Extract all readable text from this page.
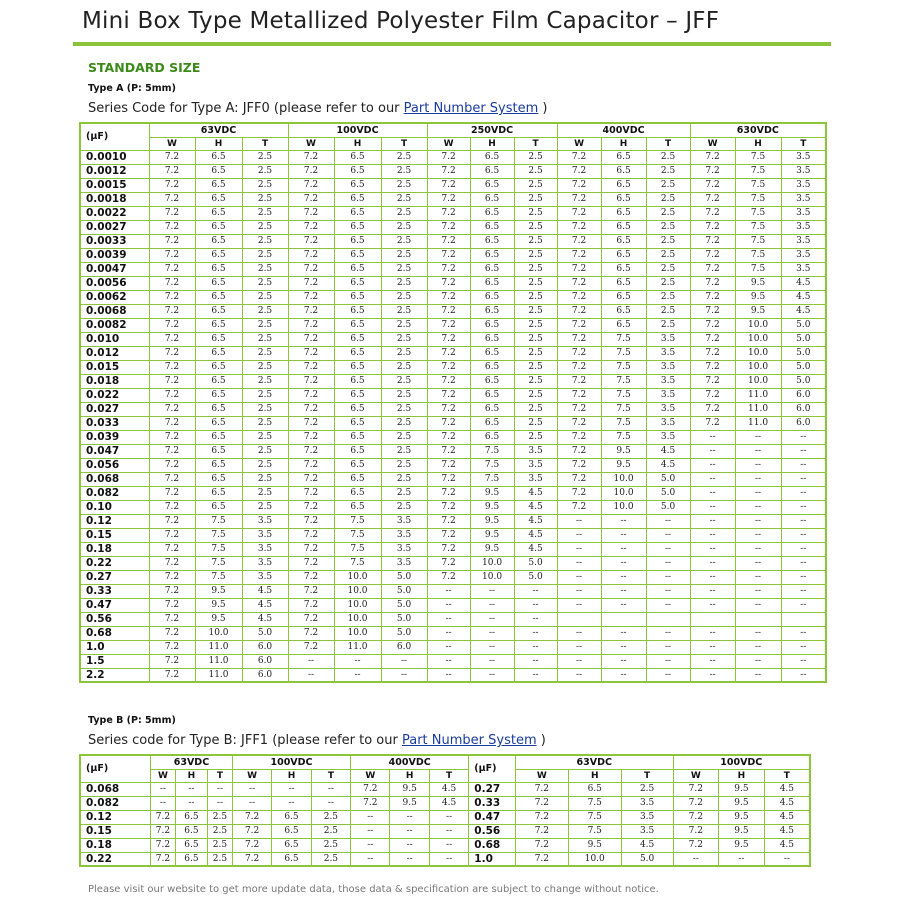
Mini Box Type Metallized Polyester Film Capacitor – JFF
STANDARD SIZE
Type A (P: 5mm)
Series Code for Type A: JFF0 (please refer to our Part Number System )
(μF)	63VDC			100VDC			250VDC			400VDC			630VDC		
	W	H	T	W	H	T	W	H	T	W	H	T	W	H	T
0.0010	7.2	6.5	2.5	7.2	6.5	2.5	7.2	6.5	2.5	7.2	6.5	2.5	7.2	7.5	3.5
0.0012	7.2	6.5	2.5	7.2	6.5	2.5	7.2	6.5	2.5	7.2	6.5	2.5	7.2	7.5	3.5
0.0015	7.2	6.5	2.5	7.2	6.5	2.5	7.2	6.5	2.5	7.2	6.5	2.5	7.2	7.5	3.5
0.0018	7.2	6.5	2.5	7.2	6.5	2.5	7.2	6.5	2.5	7.2	6.5	2.5	7.2	7.5	3.5
0.0022	7.2	6.5	2.5	7.2	6.5	2.5	7.2	6.5	2.5	7.2	6.5	2.5	7.2	7.5	3.5
0.0027	7.2	6.5	2.5	7.2	6.5	2.5	7.2	6.5	2.5	7.2	6.5	2.5	7.2	7.5	3.5
0.0033	7.2	6.5	2.5	7.2	6.5	2.5	7.2	6.5	2.5	7.2	6.5	2.5	7.2	7.5	3.5
0.0039	7.2	6.5	2.5	7.2	6.5	2.5	7.2	6.5	2.5	7.2	6.5	2.5	7.2	7.5	3.5
0.0047	7.2	6.5	2.5	7.2	6.5	2.5	7.2	6.5	2.5	7.2	6.5	2.5	7.2	7.5	3.5
0.0056	7.2	6.5	2.5	7.2	6.5	2.5	7.2	6.5	2.5	7.2	6.5	2.5	7.2	9.5	4.5
0.0062	7.2	6.5	2.5	7.2	6.5	2.5	7.2	6.5	2.5	7.2	6.5	2.5	7.2	9.5	4.5
0.0068	7.2	6.5	2.5	7.2	6.5	2.5	7.2	6.5	2.5	7.2	6.5	2.5	7.2	9.5	4.5
0.0082	7.2	6.5	2.5	7.2	6.5	2.5	7.2	6.5	2.5	7.2	6.5	2.5	7.2	10.0	5.0
0.010	7.2	6.5	2.5	7.2	6.5	2.5	7.2	6.5	2.5	7.2	7.5	3.5	7.2	10.0	5.0
0.012	7.2	6.5	2.5	7.2	6.5	2.5	7.2	6.5	2.5	7.2	7.5	3.5	7.2	10.0	5.0
0.015	7.2	6.5	2.5	7.2	6.5	2.5	7.2	6.5	2.5	7.2	7.5	3.5	7.2	10.0	5.0
0.018	7.2	6.5	2.5	7.2	6.5	2.5	7.2	6.5	2.5	7.2	7.5	3.5	7.2	10.0	5.0
0.022	7.2	6.5	2.5	7.2	6.5	2.5	7.2	6.5	2.5	7.2	7.5	3.5	7.2	11.0	6.0
0.027	7.2	6.5	2.5	7.2	6.5	2.5	7.2	6.5	2.5	7.2	7.5	3.5	7.2	11.0	6.0
0.033	7.2	6.5	2.5	7.2	6.5	2.5	7.2	6.5	2.5	7.2	7.5	3.5	7.2	11.0	6.0
0.039	7.2	6.5	2.5	7.2	6.5	2.5	7.2	6.5	2.5	7.2	7.5	3.5	--	--	--
0.047	7.2	6.5	2.5	7.2	6.5	2.5	7.2	7.5	3.5	7.2	9.5	4.5	--	--	--
0.056	7.2	6.5	2.5	7.2	6.5	2.5	7.2	7.5	3.5	7.2	9.5	4.5	--	--	--
0.068	7.2	6.5	2.5	7.2	6.5	2.5	7.2	7.5	3.5	7.2	10.0	5.0	--	--	--
0.082	7.2	6.5	2.5	7.2	6.5	2.5	7.2	9.5	4.5	7.2	10.0	5.0	--	--	--
0.10	7.2	6.5	2.5	7.2	6.5	2.5	7.2	9.5	4.5	7.2	10.0	5.0	--	--	--
0.12	7.2	7.5	3.5	7.2	7.5	3.5	7.2	9.5	4.5	--	--	--	--	--	--
0.15	7.2	7.5	3.5	7.2	7.5	3.5	7.2	9.5	4.5	--	--	--	--	--	--
0.18	7.2	7.5	3.5	7.2	7.5	3.5	7.2	9.5	4.5	--	--	--	--	--	--
0.22	7.2	7.5	3.5	7.2	7.5	3.5	7.2	10.0	5.0	--	--	--	--	--	--
0.27	7.2	7.5	3.5	7.2	10.0	5.0	7.2	10.0	5.0	--	--	--	--	--	--
0.33	7.2	9.5	4.5	7.2	10.0	5.0	--	--	--	--	--	--	--	--	--
0.47	7.2	9.5	4.5	7.2	10.0	5.0	--	--	--	--	--	--	--	--	--
0.56	7.2	9.5	4.5	7.2	10.0	5.0	--	--	--						
0.68	7.2	10.0	5.0	7.2	10.0	5.0	--	--	--	--	--	--	--	--	--
1.0	7.2	11.0	6.0	7.2	11.0	6.0	--	--	--	--	--	--	--	--	--
1.5	7.2	11.0	6.0	--	--	--	--	--	--	--	--	--	--	--	--
2.2	7.2	11.0	6.0	--	--	--	--	--	--	--	--	--	--	--	--
Type B (P: 5mm)
Series code for Type B: JFF1 (please refer to our Part Number System )
(μF)	63VDC			100VDC			400VDC			(μF)	63VDC			100VDC		
	W	H	T	W	H	T	W	H	T		W	H	T	W	H	T
0.068	--	--	--	--	--	--	7.2	9.5	4.5	0.27	7.2	6.5	2.5	7.2	9.5	4.5
0.082	--	--	--	--	--	--	7.2	9.5	4.5	0.33	7.2	7.5	3.5	7.2	9.5	4.5
0.12	7.2	6.5	2.5	7.2	6.5	2.5	--	--	--	0.47	7.2	7.5	3.5	7.2	9.5	4.5
0.15	7.2	6.5	2.5	7.2	6.5	2.5	--	--	--	0.56	7.2	7.5	3.5	7.2	9.5	4.5
0.18	7.2	6.5	2.5	7.2	6.5	2.5	--	--	--	0.68	7.2	9.5	4.5	7.2	9.5	4.5
0.22	7.2	6.5	2.5	7.2	6.5	2.5	--	--	--	1.0	7.2	10.0	5.0	--	--	--
Please visit our website to get more update data, those data & specification are subject to change without notice.
